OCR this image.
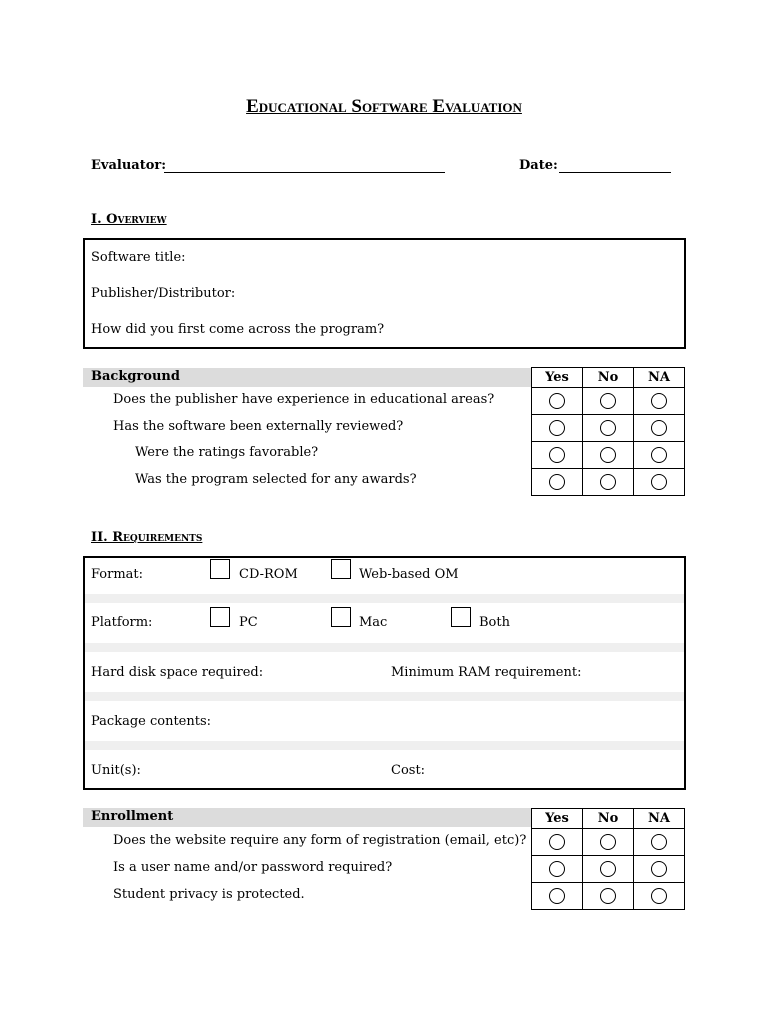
Educational Software Evaluation
Evaluator:	Date:
I. Overview
Software title:
Publisher/Distributor:
How did you first come across the program?
Background
Does the publisher have experience in educational areas?
Has the software been externally reviewed?
Were the ratings favorable?
Was the program selected for any awards?
Yes	No	NA

II. Requirements
Format:	CD-ROM	Web-based OM
Platform:	PC	Mac	Both
Hard disk space required:	Minimum RAM requirement:
Package contents:
Unit(s):	Cost:
Enrollment
Does the website require any form of registration (email, etc)?
Is a user name and/or password required?
Student privacy is protected.
Yes	No	NA
